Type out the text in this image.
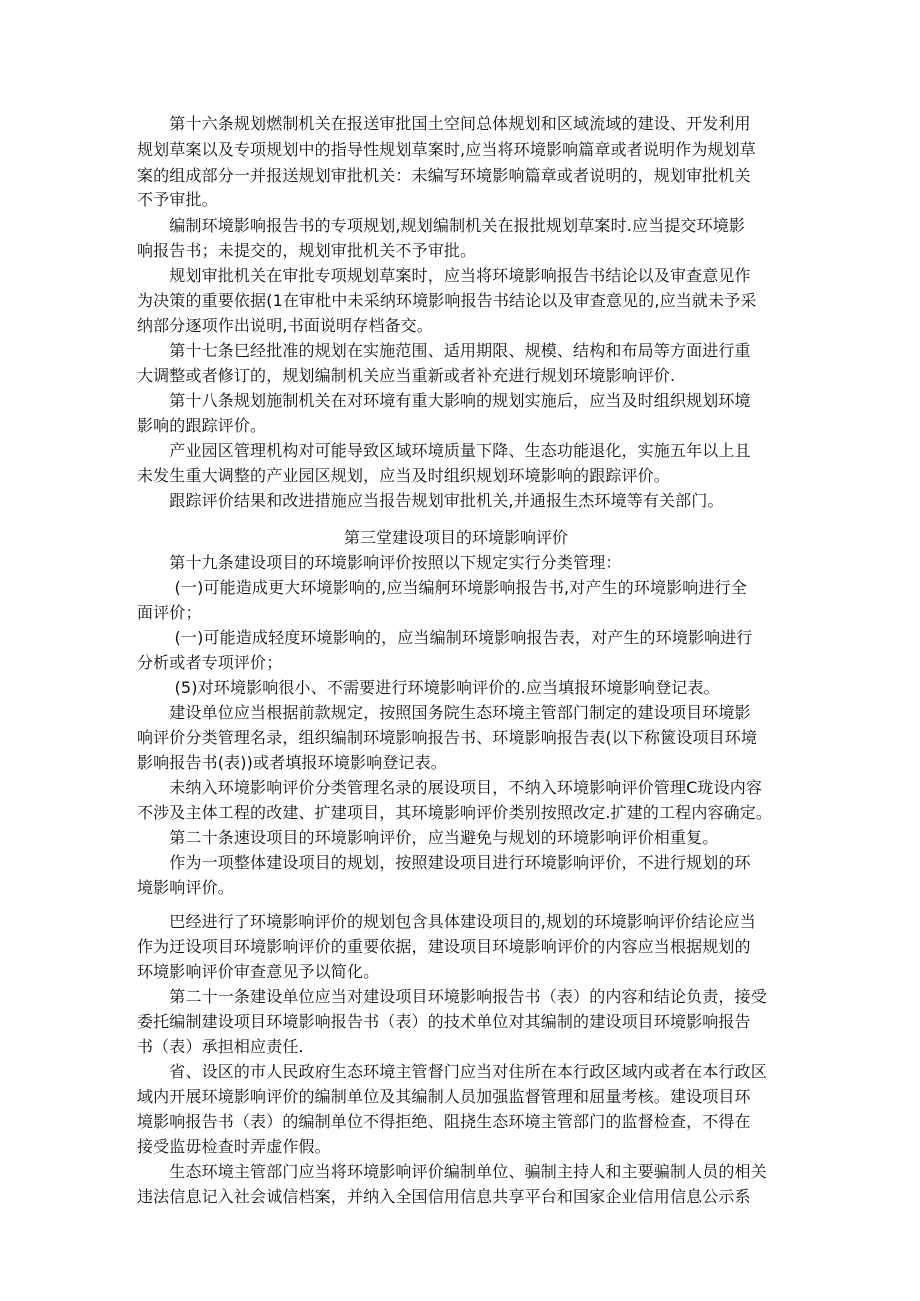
　　第十六条规划燃制机关在报送审批国土空间总体规划和区域流域的建设、开发利用

规划草案以及专项规划中的指导性规划草案时,应当将环境影响篇章或者说明作为规划草

案的组成部分一并报送规划审批机关：未编写环境影响篇章或者说明的，规划审批机关

不予审批。

　　编制环境影响报告书的专项规划,规划编制机关在报批规划草案时.应当提交环境影

响报告书；未提交的，规划审批机关不予审批。

　　规划审批机关在审批专项规划草案时，应当将环境影响报告书结论以及审查意见作

为决策的重要依据(1在审枇中未采纳环境影响报告书结论以及审查意见的,应当就未予采

纳部分逐项作出说明,书面说明存档备交。

　　第十七条巳经批准的规划在实施范围、适用期限、规模、结构和布局等方面进行重

大调整或者修订的，规划编制机关应当重新或者补充进行规划环境影响评价.

　　第十八条规划施制机关在对环境有重大影响的规划实施后，应当及时组织规划环境

影响的跟踪评价。

　　产业园区管理机构对可能导致区域环境质量下降、生态功能退化，实施五年以上且

未发生重大调整的产业园区规划，应当及时组织规划环境影响的跟踪评价。

　　跟踪评价结果和改进措施应当报告规划审批机关,并通报生杰环境等有关部门。

第三堂建设项目的环境影响评价

　　第十九条建设项目的环境影响评价按照以下规定实行分类管理：

　　 (一)可能造成更大环境影响的,应当编舸环境影响报告书,对产生的环境影响进行全

面评价；

　　 (一)可能造成轻度环境影响的，应当编制环境影响报告表，对产生的环境影响进行

分析或者专项评价；

　　 (5)对环境影响很小、不需要进行环境影响评价的.应当填报环境影响登记表。

　　建设单位应当根据前款规定，按照国务院生态环境主管部门制定的建设项目环境影

响评价分类管理名录，组织编制环境影响报告书、环境影响报告表(以下称篋设项目环境

影响报告书(表))或者填报环境影响登记表。

　　未纳入环境影响评价分类管理名录的展设项目，不纳入环境影响评价管理C珑设内容

不涉及主体工程的改建、扩建项目，其环境影响评价类别按照改定.扩建的工程内容确定。

　　第二十条速设项目的环境影响评价，应当避免与规划的环境影响评价相重复。

　　作为一项整体建设项目的规划，按照建设项目进行环境影响评价，不进行规划的环

境影响评价。

　　巴经进行了环境影响评价的规划包含具体建设项目的,规划的环境影响评价结论应当

作为迂设项目环境影响评价的重要依据，建设项目环境影响评价的内容应当根据规划的

环境影响评价审查意见予以简化。

　　第二十一条建设单位应当对建设项目环境影响报告书（表）的内容和结论负责，接受

委托编制建设项目环境影响报告书（表）的技术单位对其编制的建设项目环境影响报告

书（表）承担相应责任.

　　省、设区的市人民政府生态环境主管督门应当对住所在本行政区域内或者在本行政区

域内开展环境影响评价的编制单位及其编制人员加强监督管理和屈量考核。建设项目环

境影响报告书（表）的编制单位不得拒绝、阻挠生态环境主管部门的监督检查，不得在

接受监毋检查时弄虚作假。

　　生态环境主管部门应当将环境影响评价编制单位、骗制主持人和主要骗制人员的相关

违法信息记入社会诚信档案，并纳入全国信用信息共享平台和国家企业信用信息公示系
